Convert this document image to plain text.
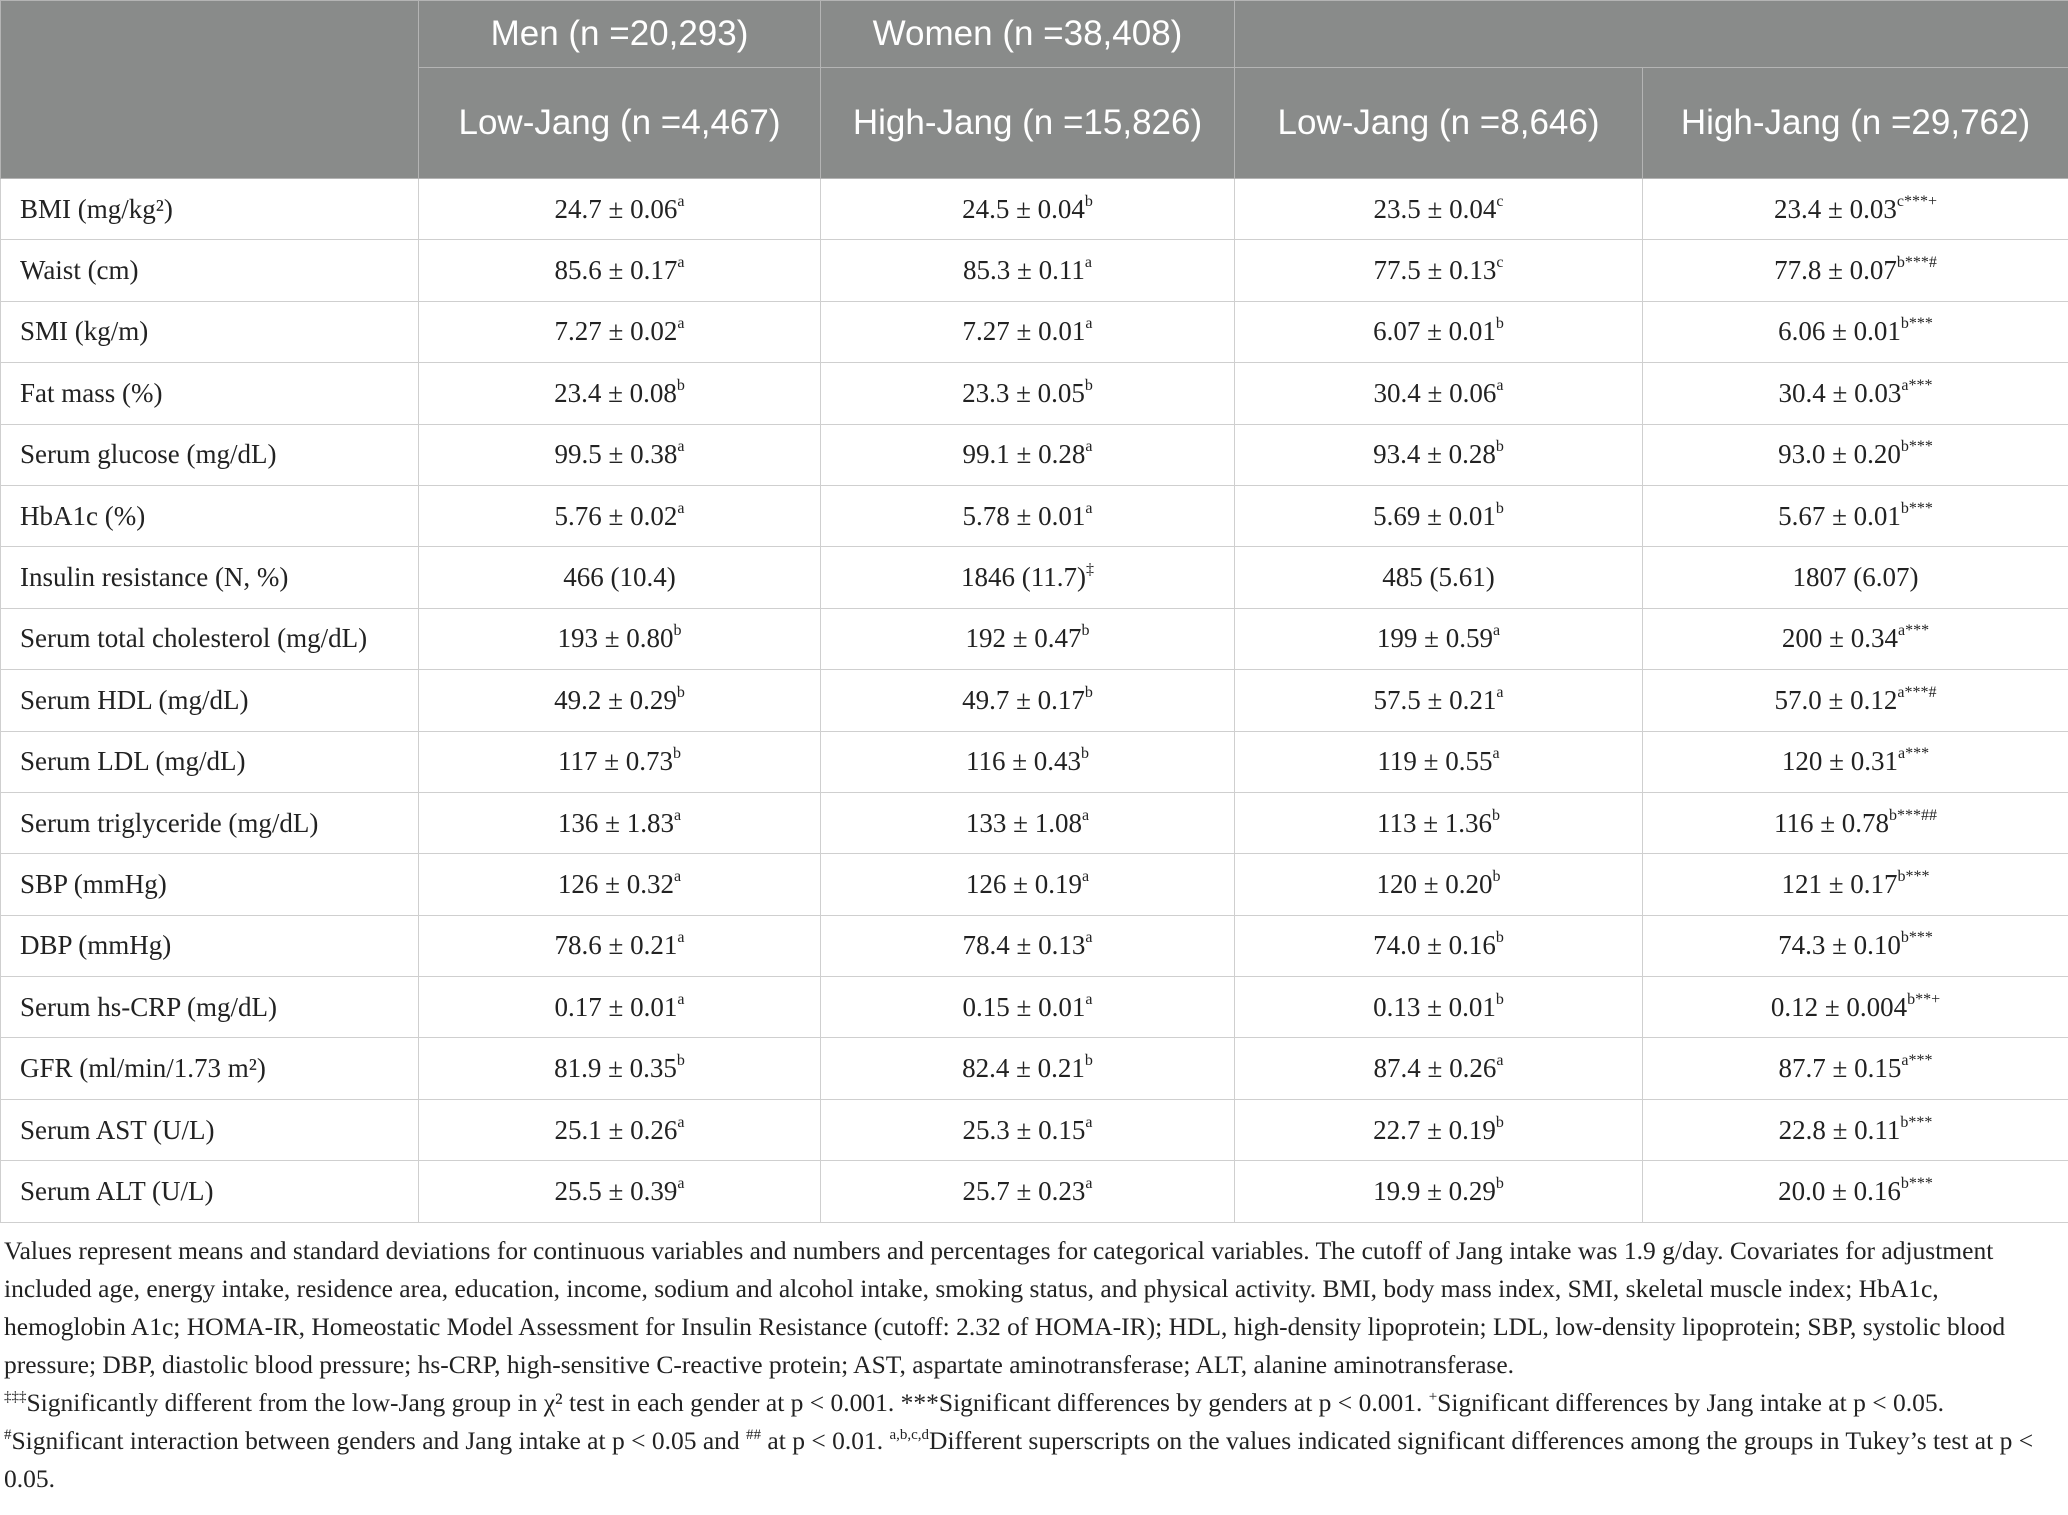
	Men (n =20,293)	Women (n =38,408)		
	Low-Jang (n =4,467)	High-Jang (n =15,826)	Low-Jang (n =8,646)	High-Jang (n =29,762)
BMI (mg/kg²)	24.7 ± 0.06$^a$	24.5 ± 0.04$^b$	23.5 ± 0.04$^c$	$23.4 \pm 0.03^{c***+}$
Waist (cm)	85.6 ± 0.17$^a$	85.3 ± 0.11$^a$	77.5 ± 0.13$^c$	$77.8 \pm 0.07^{b***\#}$
SMI (kg/m)	7.27 ± 0.02$^a$	7.27 ± 0.01$^a$	6.07 ± 0.01$^b$	$6.06 \pm 0.01^{b***}$
Fat mass (%)	23.4 ± 0.08$^b$	23.3 ± 0.05$^b$	30.4 ± 0.06$^a$	$30.4 \pm 0.03^{a***}$
Serum glucose (mg/dL)	99.5 ± 0.38$^a$	99.1 ± 0.28$^a$	93.4 ± 0.28$^b$	$93.0 \pm 0.20^{b***}$
HbA1c (%)	5.76 ± 0.02$^a$	5.78 ± 0.01$^a$	5.69 ± 0.01$^b$	$5.67 \pm 0.01^{b***}$
Insulin resistance (N, %)	466 (10.4)	1846 (11.7)‡	485 (5.61)	1807 (6.07)
Serum total cholesterol (mg/dL)	193 ± 0.80$^b$	192 ± 0.47$^b$	199 ± 0.59$^a$	$200 \pm 0.34^{a***}$
Serum HDL (mg/dL)	49.2 ± 0.29$^b$	49.7 ± 0.17$^b$	57.5 ± 0.21$^a$	$57.0 \pm 0.12^{a***\#}$
Serum LDL (mg/dL)	117 ± 0.73$^b$	116 ± 0.43$^b$	119 ± 0.55$^a$	$120 \pm 0.31^{a***}$
Serum triglyceride (mg/dL)	136 ± 1.83$^a$	133 ± 1.08$^a$	113 ± 1.36$^b$	$116 \pm 0.78^{b***\#\#}$
SBP (mmHg)	126 ± 0.32$^a$	126 ± 0.19$^a$	120 ± 0.20$^b$	$121 \pm 0.17^{b***}$
DBP (mmHg)	78.6 ± 0.21$^a$	78.4 ± 0.13$^a$	74.0 ± 0.16$^b$	$74.3 \pm 0.10^{b***}$
Serum hs-CRP (mg/dL)	0.17 ± 0.01$^a$	0.15 ± 0.01$^a$	0.13 ± 0.01$^b$	$0.12 \pm 0.004^{b**+}$
GFR (ml/min/1.73 m²)	81.9 ± 0.35$^b$	82.4 ± 0.21$^b$	87.4 ± 0.26$^a$	$87.7 \pm 0.15^{a***}$
Serum AST (U/L)	25.1 ± 0.26$^a$	25.3 ± 0.15$^a$	22.7 ± 0.19$^b$	$22.8 \pm 0.11^{b***}$
Serum ALT (U/L)	25.5 ± 0.39$^a$	25.7 ± 0.23$^a$	19.9 ± 0.29$^b$	$20.0 \pm 0.16^{b***}$

Values represent means and standard deviations for continuous variables and numbers and percentages for categorical variables. The cutoff of Jang intake was 1.9 g/day. Covariates for adjustment included age, energy intake, residence area, education, income, sodium and alcohol intake, smoking status, and physical activity. BMI, body mass index, SMI, skeletal muscle index; HbA1c, hemoglobin A1c; HOMA-IR, Homeostatic Model Assessment for Insulin Resistance (cutoff: 2.32 of HOMA-IR); HDL, high-density lipoprotein; LDL, low-density lipoprotein; SBP, systolic blood pressure; DBP, diastolic blood pressure; hs-CRP, high-sensitive C-reactive protein; AST, aspartate aminotransferase; ALT, alanine aminotransferase.

‡‡‡Significantly different from the low-Jang group in χ² test in each gender at p < 0.001. ***Significant differences by genders at p < 0.001. +Significant differences by Jang intake at p < 0.05. #Significant interaction between genders and Jang intake at p < 0.05 and ## at p < 0.01. $^{a,b,c,d}$Different superscripts on the values indicated significant differences among the groups in Tukey’s test at p < 0.05.
